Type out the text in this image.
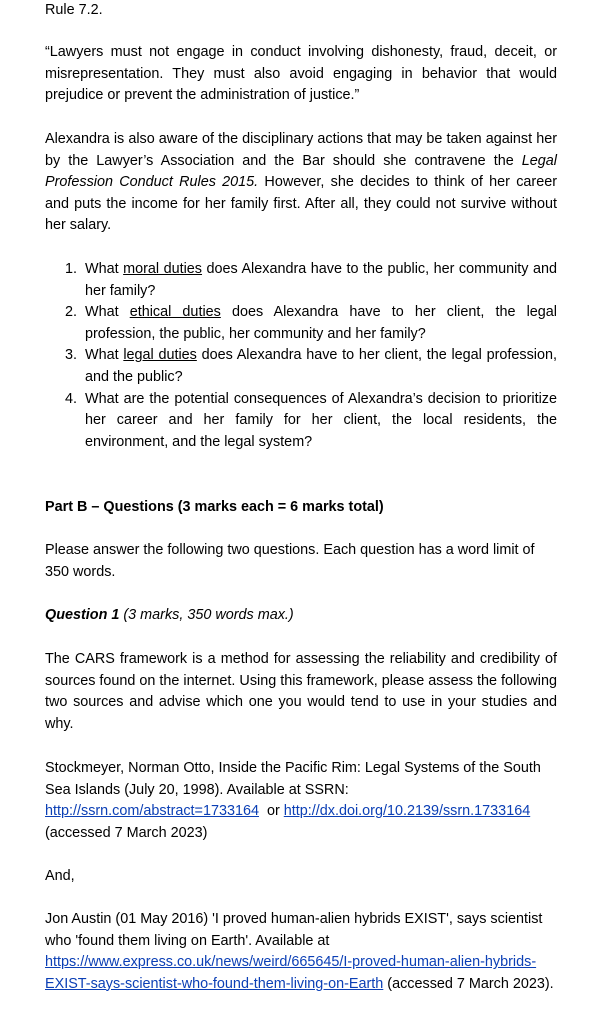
Rule 7.2.

“Lawyers must not engage in conduct involving dishonesty, fraud, deceit, or misrepresentation. They must also avoid engaging in behavior that would prejudice or prevent the administration of justice.”

Alexandra is also aware of the disciplinary actions that may be taken against her by the Lawyer’s Association and the Bar should she contravene the Legal Profession Conduct Rules 2015. However, she decides to think of her career and puts the income for her family first. After all, they could not survive without her salary.

1. What moral duties does Alexandra have to the public, her community and her family?
2. What ethical duties does Alexandra have to her client, the legal profession, the public, her community and her family?
3. What legal duties does Alexandra have to her client, the legal profession, and the public?
4. What are the potential consequences of Alexandra’s decision to prioritize her career and her family for her client, the local residents, the environment, and the legal system?

Part B – Questions (3 marks each = 6 marks total)

Please answer the following two questions. Each question has a word limit of 350 words.

Question 1 (3 marks, 350 words max.)

The CARS framework is a method for assessing the reliability and credibility of sources found on the internet. Using this framework, please assess the following two sources and advise which one you would tend to use in your studies and why.

Stockmeyer, Norman Otto, Inside the Pacific Rim: Legal Systems of the South Sea Islands (July 20, 1998). Available at SSRN:
http://ssrn.com/abstract=1733164  or http://dx.doi.org/10.2139/ssrn.1733164
(accessed 7 March 2023)

And,

Jon Austin (01 May 2016) 'I proved human-alien hybrids EXIST', says scientist who 'found them living on Earth'. Available at
https://www.express.co.uk/news/weird/665645/I-proved-human-alien-hybrids-
EXIST-says-scientist-who-found-them-living-on-Earth (accessed 7 March 2023).
